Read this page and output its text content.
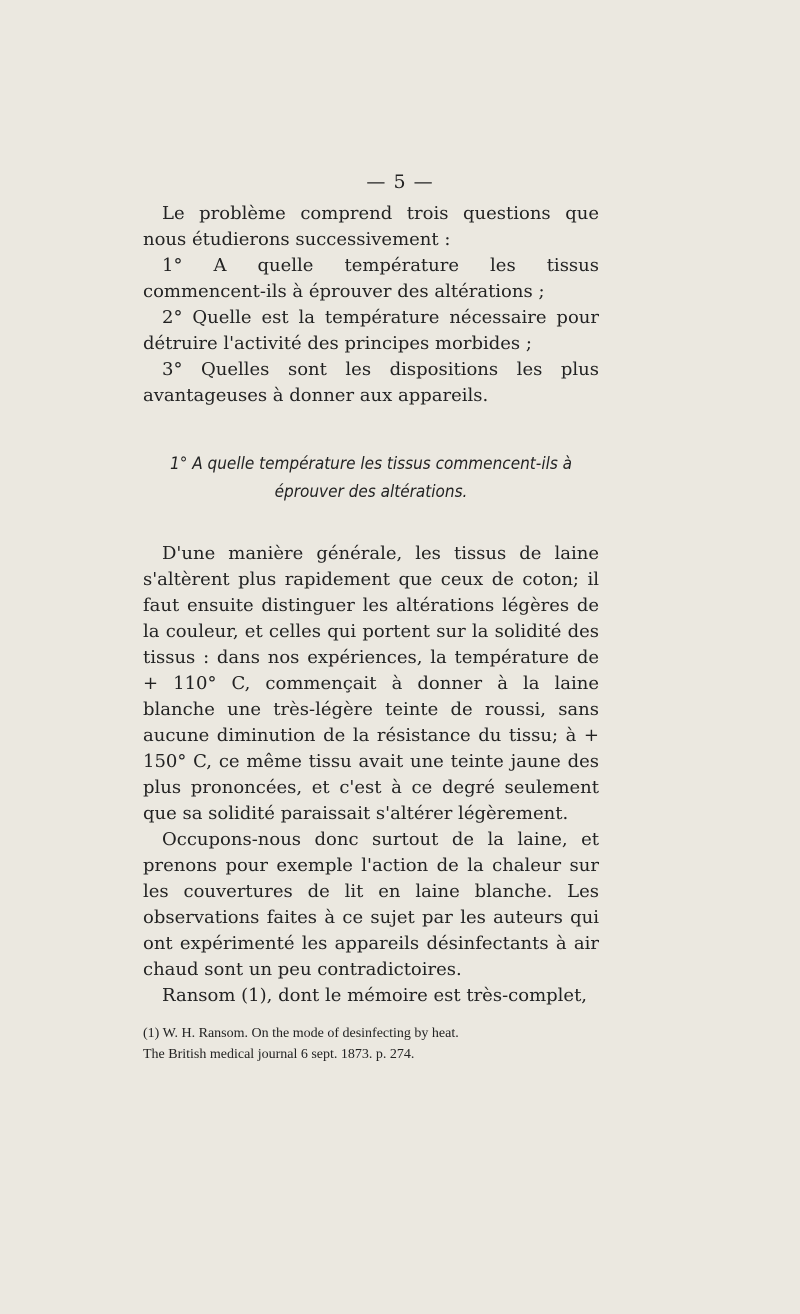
— 5 —

Le problème comprend trois questions que nous étudierons successivement :

1° A quelle température les tissus commencent-ils à éprouver des altérations ;

2° Quelle est la température nécessaire pour détruire l'activité des principes morbides ;

3° Quelles sont les dispositions les plus avantageuses à donner aux appareils.

1° A quelle température les tissus commencent-ils à
éprouver des altérations.

D'une manière générale, les tissus de laine s'altèrent plus rapidement que ceux de coton; il faut ensuite distinguer les altérations légères de la couleur, et celles qui portent sur la solidité des tissus : dans nos expériences, la température de + 110° C, commençait à donner à la laine blanche une très-légère teinte de roussi, sans aucune diminution de la résistance du tissu; à + 150° C, ce même tissu avait une teinte jaune des plus prononcées, et c'est à ce degré seulement que sa solidité paraissait s'altérer légèrement.

Occupons-nous donc surtout de la laine, et prenons pour exemple l'action de la chaleur sur les couvertures de lit en laine blanche. Les observations faites à ce sujet par les auteurs qui ont expérimenté les appareils désinfectants à air chaud sont un peu contradictoires.

Ransom (1), dont le mémoire est très-complet,

(1) W. H. Ransom. On the mode of desinfecting by heat.

The British medical journal 6 sept. 1873. p. 274.
